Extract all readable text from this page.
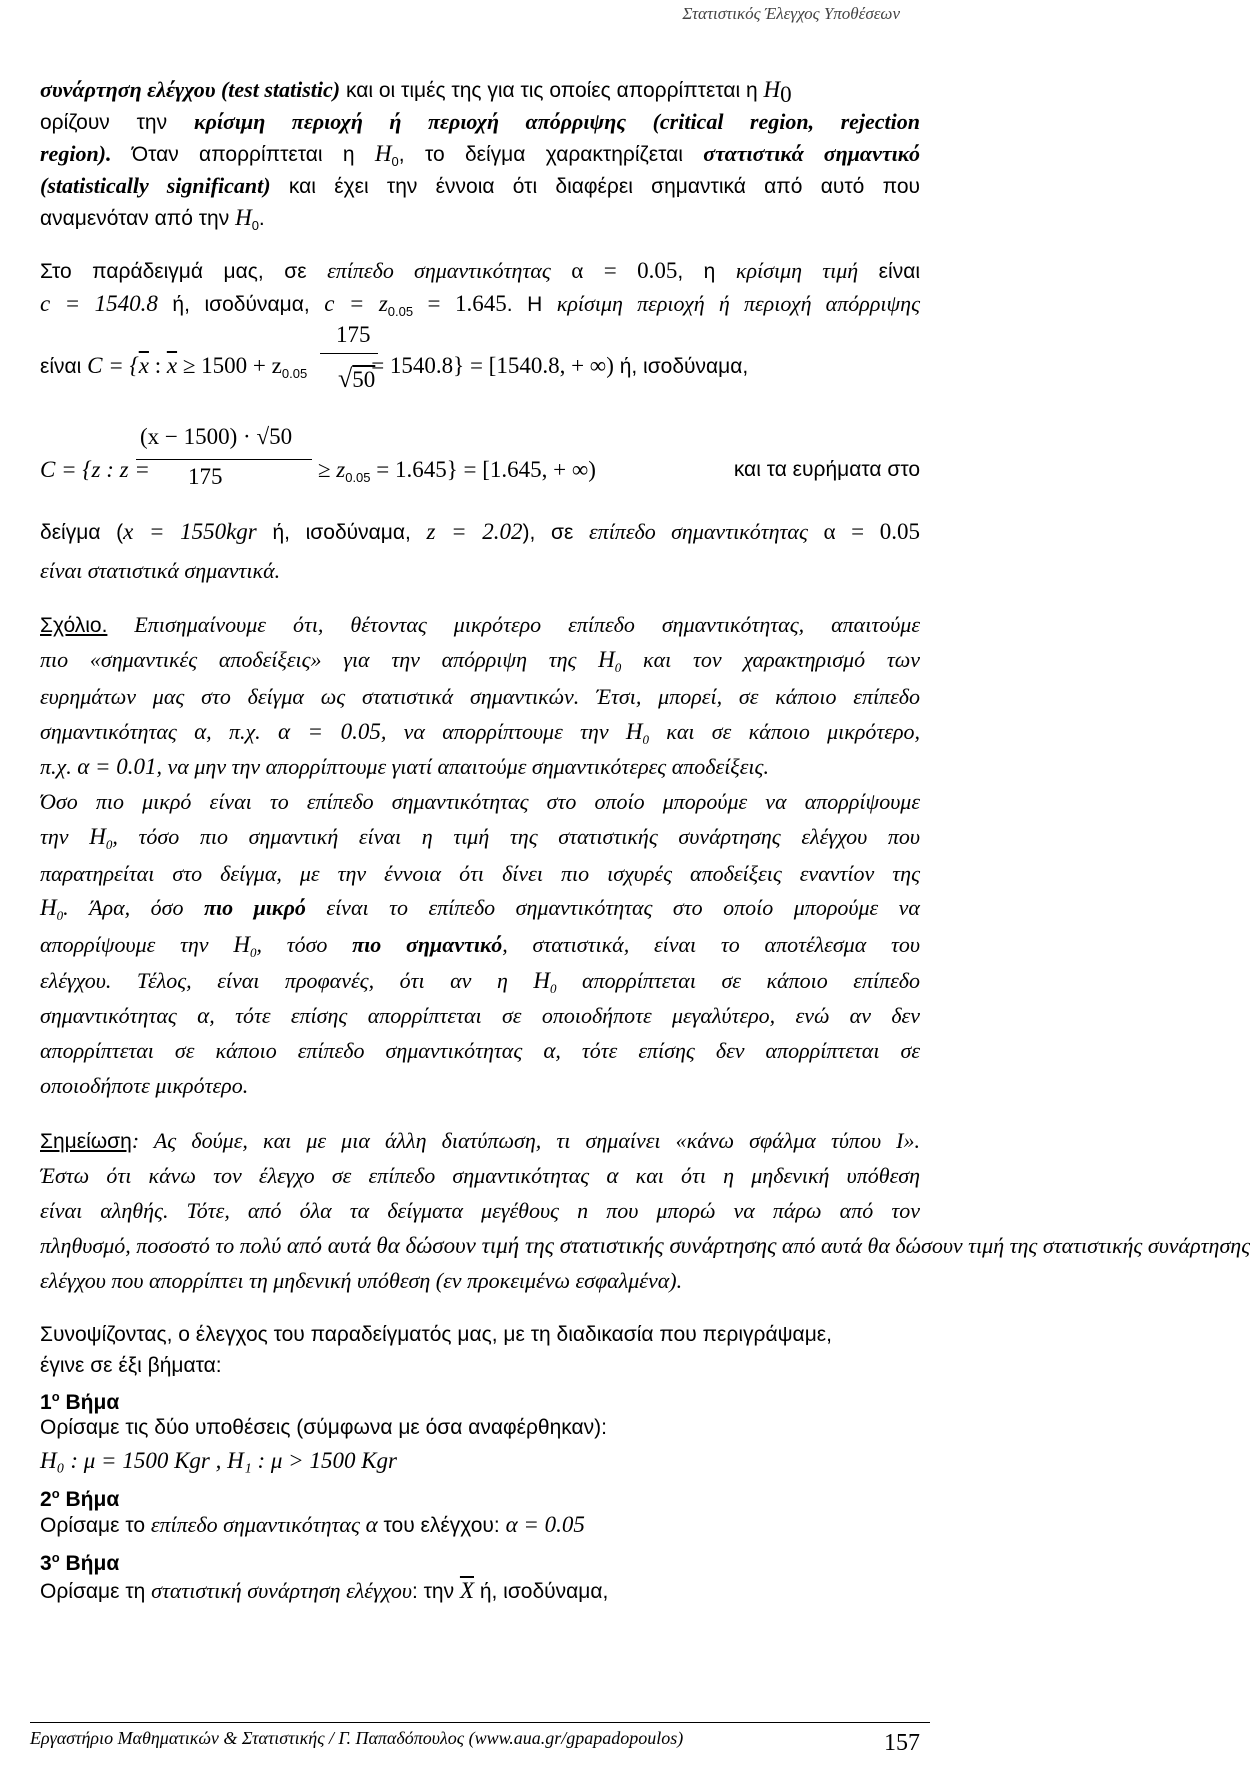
Στατιστικός Έλεγχος Υποθέσεων
συνάρτηση ελέγχου (test statistic) και οι τιμές της για τις οποίες απορρίπτεται η $H_0$
ορίζουν την κρίσιμη περιοχή ή περιοχή απόρριψης (critical region, rejection
region). Όταν απορρίπτεται η $H_0$, το δείγμα χαρακτηρίζεται στατιστικά σημαντικό
(statistically significant) και έχει την έννοια ότι διαφέρει σημαντικά από αυτό που
αναμενόταν από την $H_0$.
Στο παράδειγμά μας, σε επίπεδο σημαντικότητας α = 0.05, η κρίσιμη τιμή είναι
c = 1540.8 ή, ισοδύναμα, $c = z_{0.05} = 1.645$. Η κρίσιμη περιοχή ή περιοχή απόρριψης
είναι $C = \{\overline{x}$ : $\overline{x} \ge 1500 + z_{0.05}$	= 1540.8} = [1540.8, + ∞) ή, ισοδύναμα,
175
√50
C = {z : z =	≥ $z_{0.05} = 1.645\} = [1.645$, + ∞)	και τα ευρήματα στο
(x − 1500) · √50
175
δείγμα (x = 1550kgr ή, ισοδύναμα, z = 2.02), σε επίπεδο σημαντικότητας α = 0.05
είναι στατιστικά σημαντικά.
Σχόλιο. Επισημαίνουμε ότι, θέτοντας μικρότερο επίπεδο σημαντικότητας, απαιτούμε
πιο «σημαντικές αποδείξεις» για την απόρριψη της $H_0$ και τον χαρακτηρισμό των
ευρημάτων μας στο δείγμα ως στατιστικά σημαντικών. Έτσι, μπορεί, σε κάποιο επίπεδο
σημαντικότητας α, π.χ. α = 0.05, να απορρίπτουμε την $H_0$ και σε κάποιο μικρότερο,
π.χ. α = 0.01, να μην την απορρίπτουμε γιατί απαιτούμε σημαντικότερες αποδείξεις.
Όσο πιο μικρό είναι το επίπεδο σημαντικότητας στο οποίο μπορούμε να απορρίψουμε
την $H_0$, τόσο πιο σημαντική είναι η τιμή της στατιστικής συνάρτησης ελέγχου που
παρατηρείται στο δείγμα, με την έννοια ότι δίνει πιο ισχυρές αποδείξεις εναντίον της
$H_0$. Άρα, όσο πιο μικρό είναι το επίπεδο σημαντικότητας στο οποίο μπορούμε να
απορρίψουμε την $H_0$, τόσο πιο σημαντικό, στατιστικά, είναι το αποτέλεσμα του
ελέγχου. Τέλος, είναι προφανές, ότι αν η $H_0$ απορρίπτεται σε κάποιο επίπεδο
σημαντικότητας α, τότε επίσης απορρίπτεται σε οποιοδήποτε μεγαλύτερο, ενώ αν δεν
απορρίπτεται σε κάποιο επίπεδο σημαντικότητας α, τότε επίσης δεν απορρίπτεται σε
οποιοδήποτε μικρότερο.
Σημείωση: Ας δούμε, και με μια άλλη διατύπωση, τι σημαίνει «κάνω σφάλμα τύπου Ι».
Έστω ότι κάνω τον έλεγχο σε επίπεδο σημαντικότητας α και ότι η μηδενική υπόθεση
είναι αληθής. Τότε, από όλα τα δείγματα μεγέθους n που μπορώ να πάρω από τον
πληθυσμό, ποσοστό το πολύ από αυτά θα δώσουν τιμή της στατιστικής συνάρτησης από αυτά θα δώσουν τιμή της στατιστικής συνάρτησης
ελέγχου που απορρίπτει τη μηδενική υπόθεση (εν προκειμένω εσφαλμένα).
Συνοψίζοντας, ο έλεγχος του παραδείγματός μας, με τη διαδικασία που περιγράψαμε,
έγινε σε έξι βήματα:
$1^o$ Βήμα
Ορίσαμε τις δύο υποθέσεις (σύμφωνα με όσα αναφέρθηκαν):
H₀ : μ = 1500 Kgr , H₁ : μ > 1500 Kgr
$2^o$ Βήμα
Ορίσαμε το επίπεδο σημαντικότητας α του ελέγχου: α = 0.05
$3^o$ Βήμα
Ορίσαμε τη στατιστική συνάρτηση ελέγχου: την $\overline{X}$ ή, ισοδύναμα,
Εργαστήριο Μαθηματικών & Στατιστικής / Γ. Παπαδόπουλος (www.aua.gr/gpapadopoulos)	157
